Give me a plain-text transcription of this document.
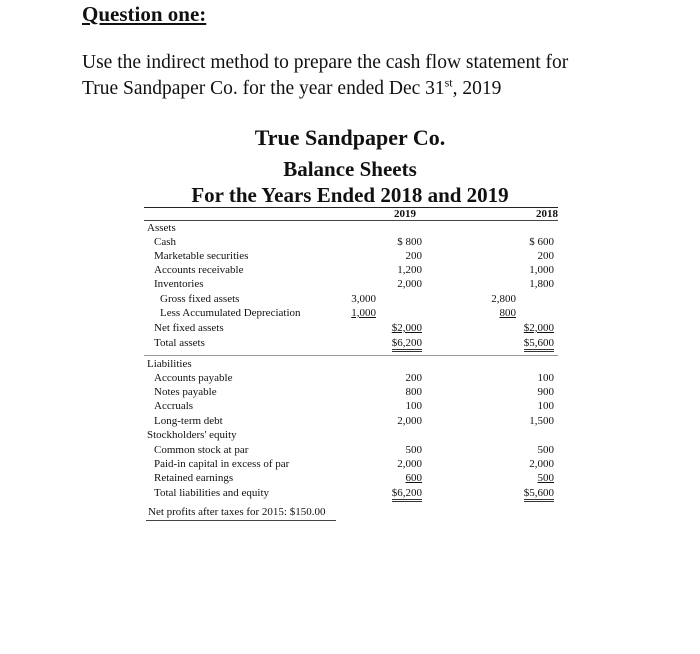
Question one:
Use the indirect method to prepare the cash flow statement for
True Sandpaper Co. for the year ended Dec 31st, 2019
True Sandpaper Co.
Balance Sheets
For the Years Ended 2018 and 2019
2019	2018
Assets
Cash	$ 800	$ 600
Marketable securities	200	200
Accounts receivable	1,200	1,000
Inventories	2,000	1,800
Gross fixed assets	3,000	2,800
Less Accumulated Depreciation	1,000	800
Net fixed assets	$2,000	$2,000
Total assets	$6,200	$5,600
Liabilities
Accounts payable	200	100
Notes payable	800	900
Accruals	100	100
Long-term debt	2,000	1,500
Stockholders' equity
Common stock at par	500	500
Paid-in capital in excess of par	2,000	2,000
Retained earnings	600	500
Total liabilities and equity	$6,200	$5,600
Net profits after taxes for 2015: $150.00
